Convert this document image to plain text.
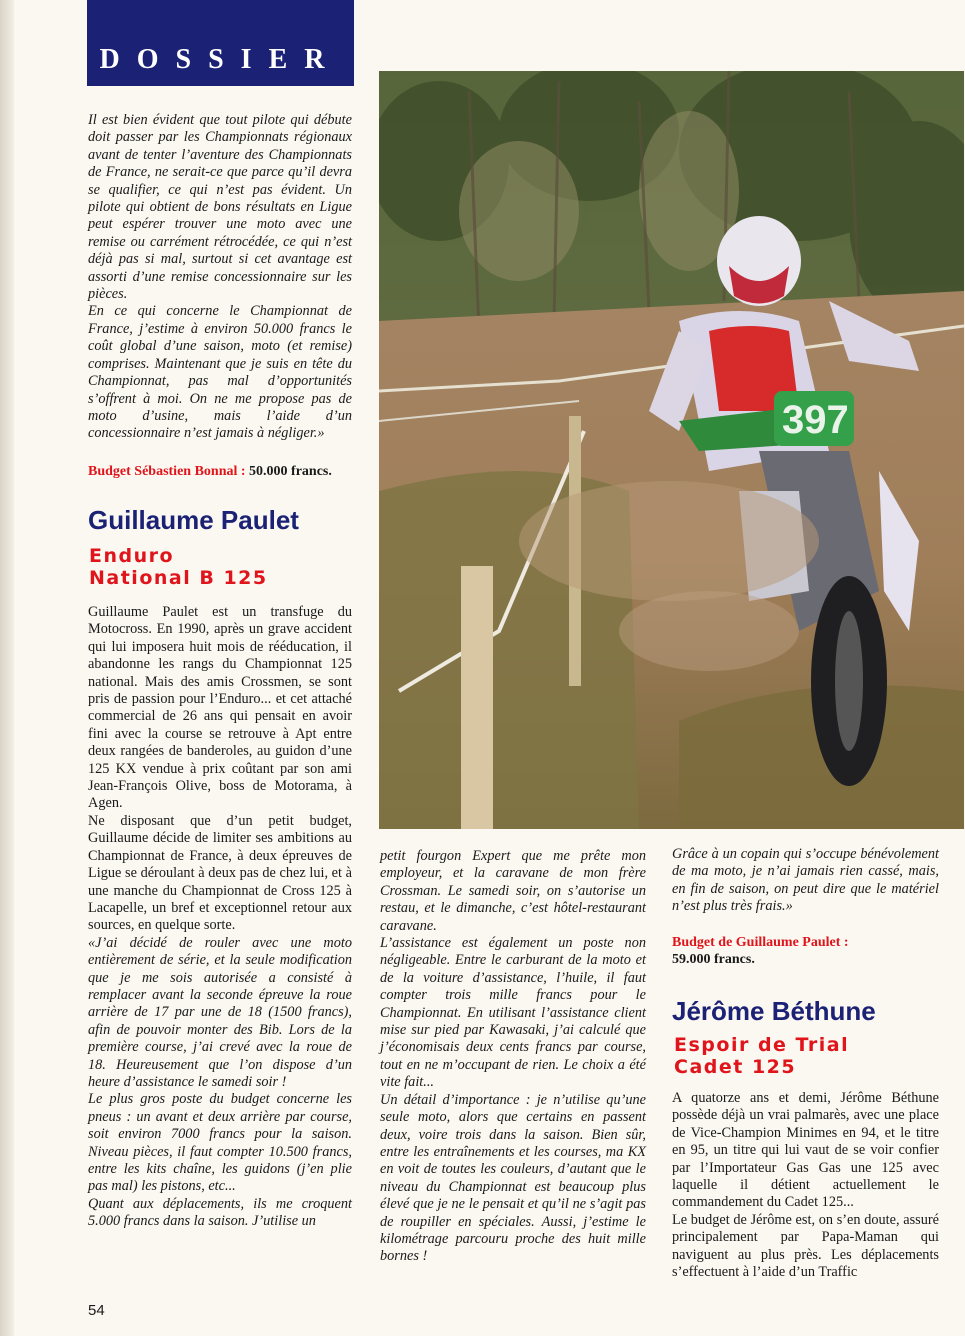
DOSSIER

Il est bien évident que tout pilote qui débute doit passer par les Championnats régionaux avant de tenter l’aventure des Championnats de France, ne serait-ce que parce qu’il devra se qualifier, ce qui n’est pas évident. Un pilote qui obtient de bons résultats en Ligue peut espérer trouver une moto avec une remise ou carrément rétrocédée, ce qui n’est déjà pas si mal, surtout si cet avantage est assorti d’une remise concessionnaire sur les pièces.

En ce qui concerne le Championnat de France, j’estime à environ 50.000 francs le coût global d’une saison, moto (et remise) comprises. Maintenant que je suis en tête du Championnat, pas mal d’opportunités s’offrent à moi. On ne me propose pas de moto d’usine, mais l’aide d’un concessionnaire n’est jamais à négliger.»

Budget Sébastien Bonnal : 50.000 francs.
Guillaume Paulet
Enduro
National B 125

Guillaume Paulet est un transfuge du Motocross. En 1990, après un grave accident qui lui imposera huit mois de rééducation, il abandonne les rangs du Championnat 125 national. Mais des amis Crossmen, se sont pris de passion pour l’Enduro... et cet attaché commercial de 26 ans qui pensait en avoir fini avec la course se retrouve à Apt entre deux rangées de banderoles, au guidon d’une 125 KX vendue à prix coûtant par son ami Jean-François Olive, boss de Motorama, à Agen.

Ne disposant que d’un petit budget, Guillaume décide de limiter ses ambitions au Championnat de France, à deux épreuves de Ligue se déroulant à deux pas de chez lui, et à une manche du Championnat de Cross 125 à Lacapelle, un bref et exceptionnel retour aux sources, en quelque sorte.

«J’ai décidé de rouler avec une moto entièrement de série, et la seule modification que je me sois autorisée a consisté à remplacer avant la seconde épreuve la roue arrière de 17 par une de 18 (1500 francs), afin de pouvoir monter des Bib. Lors de la première course, j’ai crevé avec la roue de 18. Heureusement que l’on dispose d’un heure d’assistance le samedi soir !

Le plus gros poste du budget concerne les pneus : un avant et deux arrière par course, soit environ 7000 francs pour la saison. Niveau pièces, il faut compter 10.500 francs, entre les kits chaîne, les guidons (j’en plie pas mal) les pistons, etc...

Quant aux déplacements, ils me croquent 5.000 francs dans la saison. J’utilise un

397

petit fourgon Expert que me prête mon employeur, et la caravane de mon frère Crossman. Le samedi soir, on s’autorise un restau, et le dimanche, c’est hôtel-restaurant caravane.

L’assistance est également un poste non négligeable. Entre le carburant de la moto et de la voiture d’assistance, l’huile, il faut compter trois mille francs pour le Championnat. En utilisant l’assistance client mise sur pied par Kawasaki, j’ai calculé que j’économisais deux cents francs par course, tout en ne m’occupant de rien. Le choix a été vite fait...

Un détail d’importance : je n’utilise qu’une seule moto, alors que certains en passent deux, voire trois dans la saison. Bien sûr, entre les entraînements et les courses, ma KX en voit de toutes les couleurs, d’autant que le niveau du Championnat est beaucoup plus élevé que je ne le pensait et qu’il ne s’agit pas de roupiller en spéciales. Aussi, j’estime le kilométrage parcouru proche des huit mille bornes !

Grâce à un copain qui s’occupe bénévolement de ma moto, je n’ai jamais rien cassé, mais, en fin de saison, on peut dire que le matériel n’est plus très frais.»

Budget de Guillaume Paulet :
59.000 francs.
Jérôme Béthune
Espoir de Trial
Cadet 125

A quatorze ans et demi, Jérôme Béthune possède déjà un vrai palmarès, avec une place de Vice-Champion Minimes en 94, et le titre en 95, un titre qui lui vaut de se voir confier par l’Importateur Gas Gas une 125 avec laquelle il détient actuellement le commandement du Cadet 125...

Le budget de Jérôme est, on s’en doute, assuré principalement par Papa-Maman qui naviguent au plus près. Les déplacements s’effectuent à l’aide d’un Traffic

54
